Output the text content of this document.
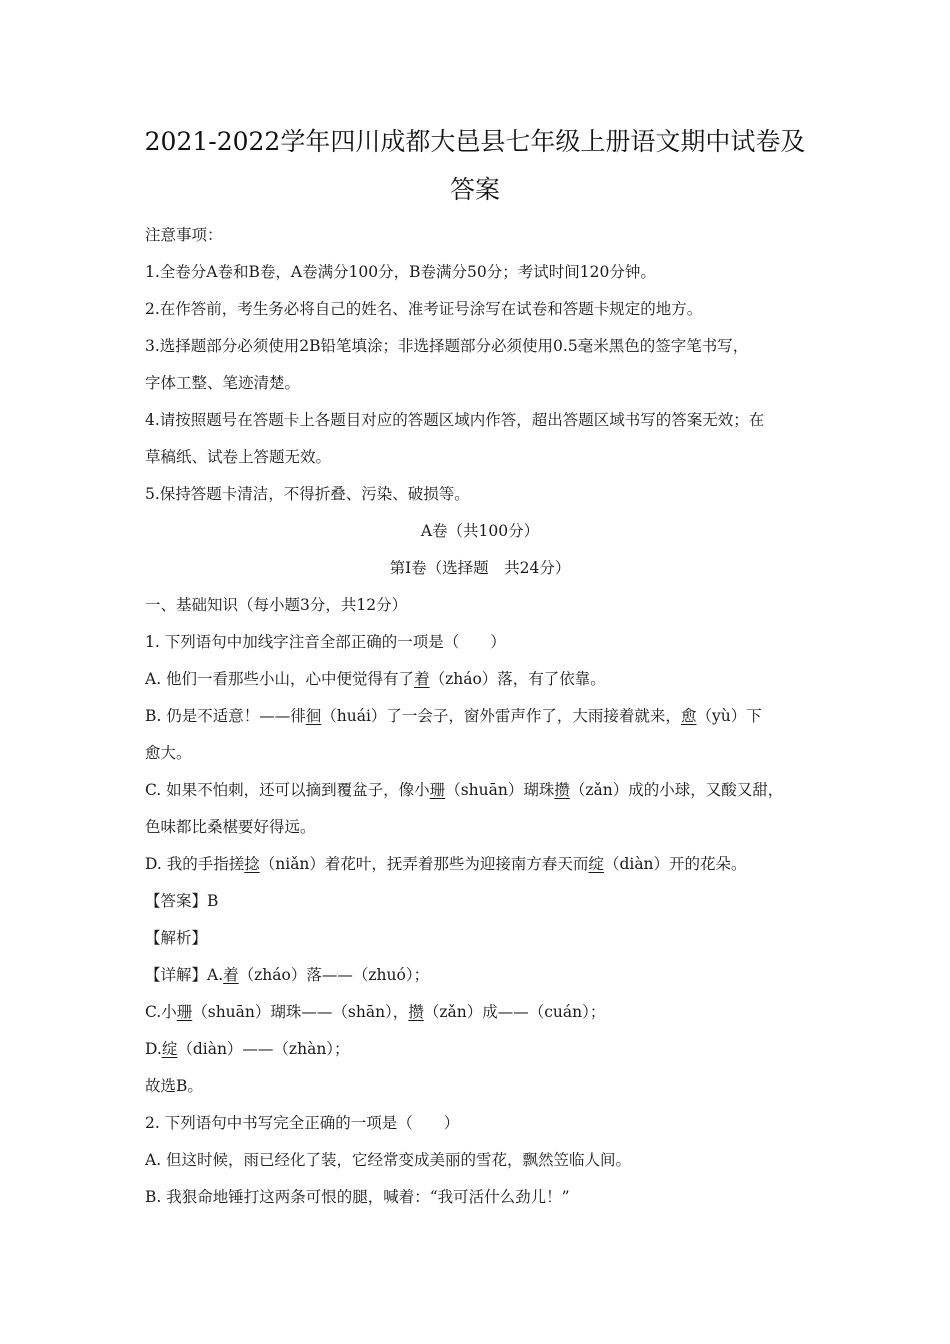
2021-2022学年四川成都大邑县七年级上册语文期中试卷及
答案
注意事项：
1.全卷分A卷和B卷，A卷满分100分，B卷满分50分；考试时间120分钟。
2.在作答前，考生务必将自己的姓名、准考证号涂写在试卷和答题卡规定的地方。
3.选择题部分必须使用2B铅笔填涂；非选择题部分必须使用0.5毫米黑色的签字笔书写，
字体工整、笔迹清楚。
4.请按照题号在答题卡上各题目对应的答题区域内作答，超出答题区域书写的答案无效；在
草稿纸、试卷上答题无效。
5.保持答题卡清洁，不得折叠、污染、破损等。
A卷（共100分）
第Ⅰ卷（选择题　共24分）
一、基础知识（每小题3分，共12分）
1. 下列语句中加线字注音全部正确的一项是（　　）
A. 他们一看那些小山，心中便觉得有了着（zháo）落，有了依靠。
B. 仍是不适意！——徘徊（huái）了一会子，窗外雷声作了，大雨接着就来，愈（yù）下
愈大。
C. 如果不怕刺，还可以摘到覆盆子，像小珊（shuān）瑚珠攒（zǎn）成的小球，又酸又甜，
色味都比桑椹要好得远。
D. 我的手指搓捻（niǎn）着花叶，抚弄着那些为迎接南方春天而绽（diàn）开的花朵。
【答案】B
【解析】
【详解】A.着（zháo）落——（zhuó）；
C.小珊（shuān）瑚珠——（shān），攒（zǎn）成——（cuán）；
D.绽（diàn）——（zhàn）；
故选B。
2. 下列语句中书写完全正确的一项是（　　）
A. 但这时候，雨已经化了装，它经常变成美丽的雪花，飘然笠临人间。
B. 我狠命地锤打这两条可恨的腿，喊着：“我可活什么劲儿！”
